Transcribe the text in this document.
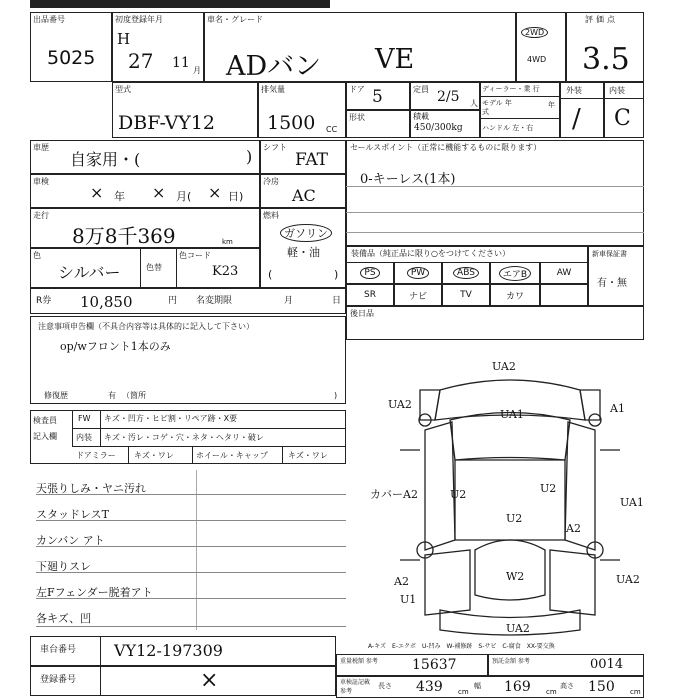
出品番号
5025
初度登録年月
H
27 11 月
車名・グレード
ADバン VE
2WD
4WD
評価点
3.5
型式
DBF-VY12
排気量
1500 CC
ドア 5	定員 2/5 人
形状	積載
450/300kg
ディーラー・業 行
モデル 年式
年
ハンドル 左・右
外装
/
内装
C
車歴
自家用・(	) シフト
FAT
セールスポイント（正常に機能するものに限ります）
0-キーレス(1本)
車検
× 年 × 月( × 日)
冷房
AC
走行
8万8千369	km
燃料
ガソリン
軽・油
(	)
色
シルバー	色替
色コード
K23
装備品（純正品に限り○をつけてください）
PS	PW	ABS	エアB	AW
SR	ナビ	TV	カワ
新車保証書
有・無
R券 10,850	円 名変期限	月	日
後日品
注意事項申告欄（不具合内容等は具体的に記入して下さい）
op/wフロント1本のみ
修復歴	有 （箇所	)
検査員
記入欄
FW キズ・凹方・ヒビ割・リペア跡・X要
内装 キズ・汚レ・コゲ・穴・ネタ・ヘタリ・破レ
ドアミラー キズ・ワレ	ホイール・キャップ	キズ・ワレ
天張りしみ・ヤニ汚れ
スタッドレスT
カンバン アト
下廻りスレ
左Fフェンダー脱着アト
各キズ、凹
UA2
UA2	A1
UA1
カバーA2	U2	U2
UA1
A2
U2
W2
A2
U1
UA2
UA2
A-キズ　E-エクボ　U-凹み　W-補修跡　S-サビ　C-腐食　XX-要交換
車台番号 VY12-197309
登録番号	×
重量税額 参考 15637	預託金額 参考	0014
車検証記載 参考
長さ 439 cm
幅 169 cm
高さ 150 cm
